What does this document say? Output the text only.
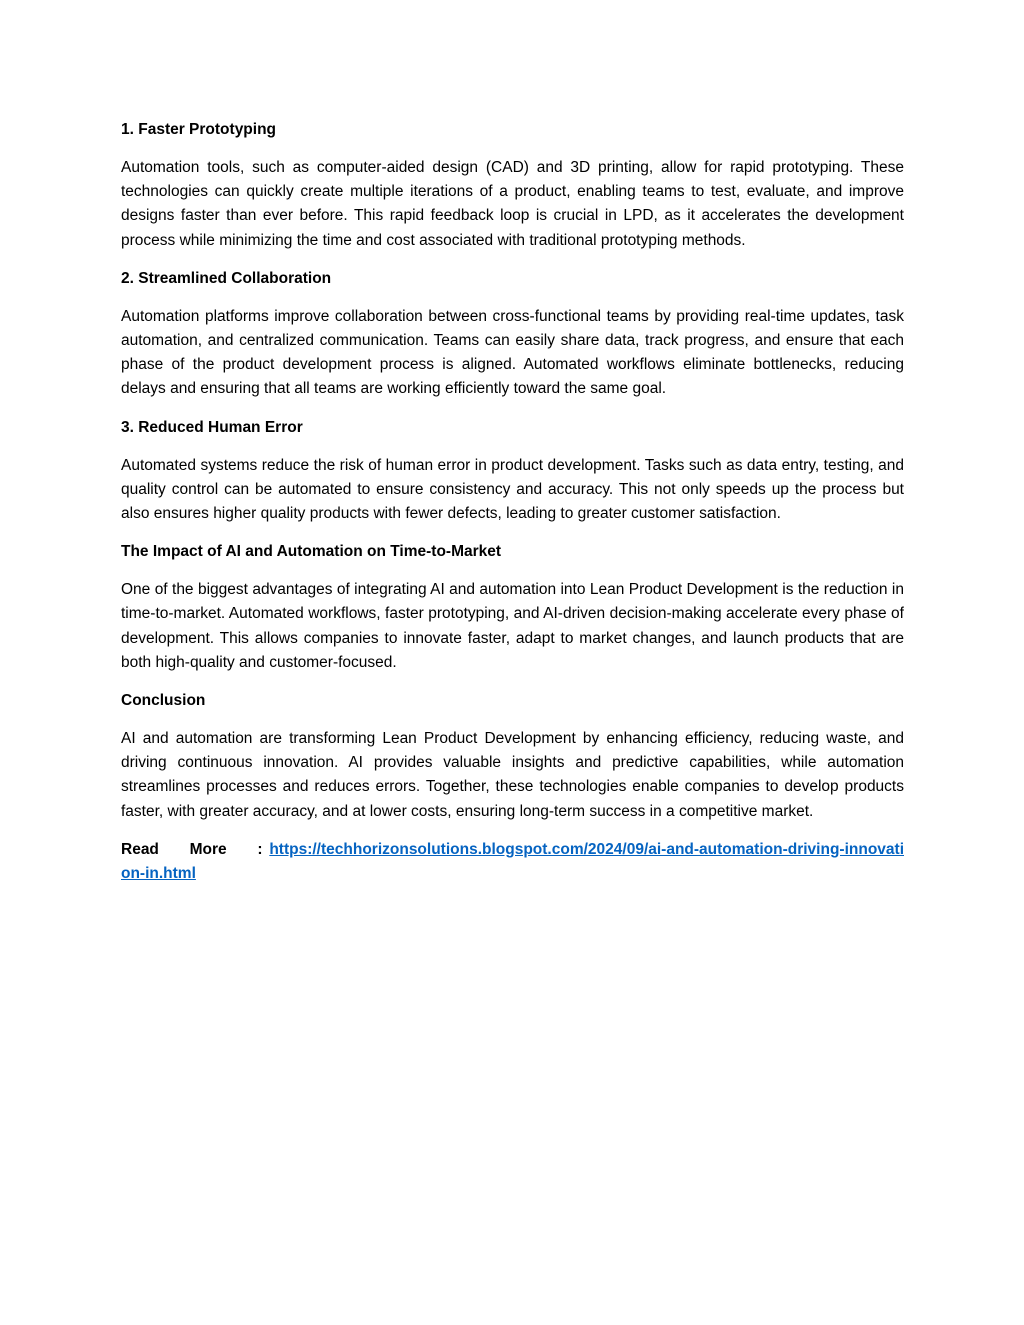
1. Faster Prototyping

Automation tools, such as computer-aided design (CAD) and 3D printing, allow for rapid prototyping. These technologies can quickly create multiple iterations of a product, enabling teams to test, evaluate, and improve designs faster than ever before. This rapid feedback loop is crucial in LPD, as it accelerates the development process while minimizing the time and cost associated with traditional prototyping methods.

2. Streamlined Collaboration

Automation platforms improve collaboration between cross-functional teams by providing real-time updates, task automation, and centralized communication. Teams can easily share data, track progress, and ensure that each phase of the product development process is aligned. Automated workflows eliminate bottlenecks, reducing delays and ensuring that all teams are working efficiently toward the same goal.

3. Reduced Human Error

Automated systems reduce the risk of human error in product development. Tasks such as data entry, testing, and quality control can be automated to ensure consistency and accuracy. This not only speeds up the process but also ensures higher quality products with fewer defects, leading to greater customer satisfaction.

The Impact of AI and Automation on Time-to-Market

One of the biggest advantages of integrating AI and automation into Lean Product Development is the reduction in time-to-market. Automated workflows, faster prototyping, and AI-driven decision-making accelerate every phase of development. This allows companies to innovate faster, adapt to market changes, and launch products that are both high-quality and customer-focused.

Conclusion

AI and automation are transforming Lean Product Development by enhancing efficiency, reducing waste, and driving continuous innovation. AI provides valuable insights and predictive capabilities, while automation streamlines processes and reduces errors. Together, these technologies enable companies to develop products faster, with greater accuracy, and at lower costs, ensuring long-term success in a competitive market.

Read More : https://techhorizonsolutions.blogspot.com/2024/09/ai-and-automation-driving-innovation-in.html
